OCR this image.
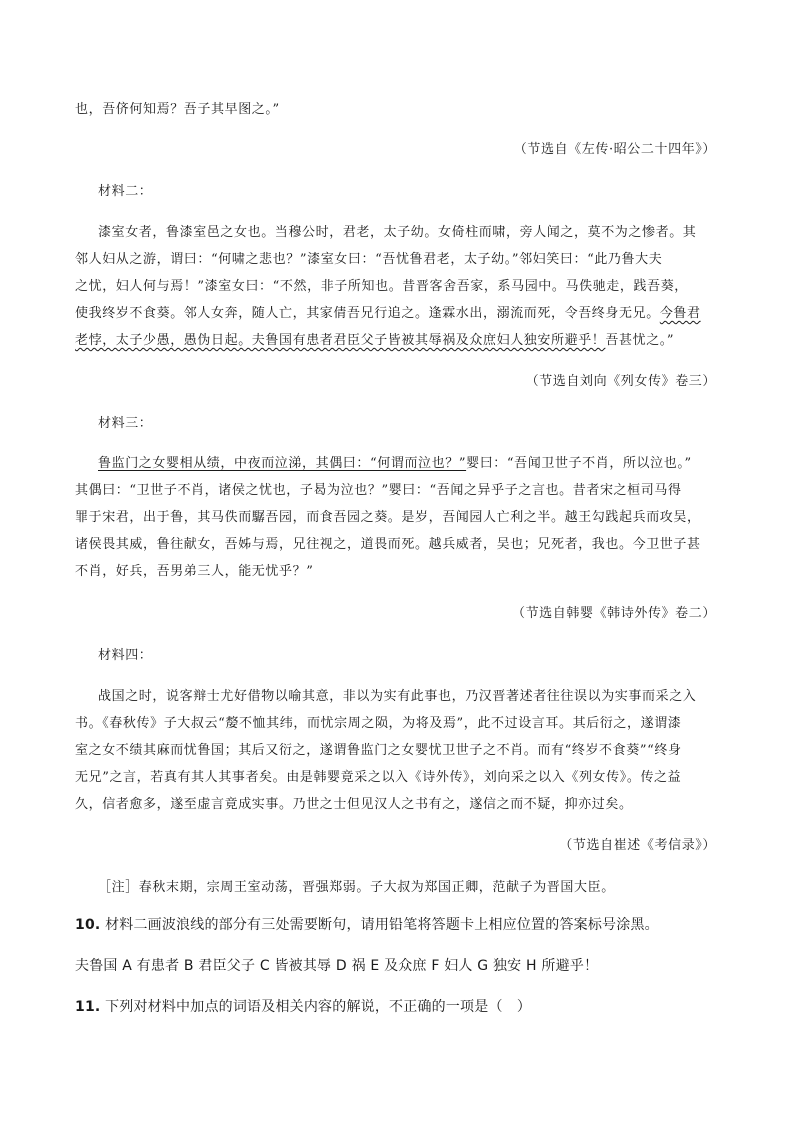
也，吾侪何知焉？吾子其早图之。”
（节选自《左传·昭公二十四年》）
材料二：
漆室女者，鲁漆室邑之女也。当穆公时，君老，太子幼。女倚柱而啸，旁人闻之，莫不为之惨者。其
邻人妇从之游，谓曰：“何啸之悲也？”漆室女曰：“吾忧鲁君老，太子幼。”邻妇笑曰：“此乃鲁大夫
之忧，妇人何与焉！”漆室女曰：“不然，非子所知也。昔晋客舍吾家，系马园中。马佚驰走，践吾葵，
使我终岁不食葵。邻人女奔，随人亡，其家倩吾兄行追之。逢霖水出，溺流而死，令吾终身无兄。今鲁君
老悖，太子少愚，愚伪日起。夫鲁国有患者君臣父子皆被其辱祸及众庶妇人独安所避乎！吾甚忧之。”
（节选自刘向《列女传》卷三）
材料三：
鲁监门之女婴相从绩，中夜而泣涕，其偶曰：“何谓而泣也？”婴曰：“吾闻卫世子不肖，所以泣也。”
其偶曰：“卫世子不肖，诸侯之忧也，子曷为泣也？”婴曰：“吾闻之异乎子之言也。昔者宋之桓司马得
罪于宋君，出于鲁，其马佚而驏吾园，而食吾园之葵。是岁，吾闻园人亡利之半。越王勾践起兵而攻吴，
诸侯畏其威，鲁往献女，吾姊与焉，兄往视之，道畏而死。越兵威者，吴也；兄死者，我也。今卫世子甚
不肖，好兵，吾男弟三人，能无忧乎？”
（节选自韩婴《韩诗外传》卷二）
材料四：
战国之时，说客辩士尤好借物以喻其意，非以为实有此事也，乃汉晋著述者往往误以为实事而采之入
书。《春秋传》子大叔云“嫠不恤其纬，而忧宗周之陨，为将及焉”，此不过设言耳。其后衍之，遂谓漆
室之女不绩其麻而忧鲁国；其后又衍之，遂谓鲁监门之女婴忧卫世子之不肖。而有“终岁不食葵”“终身
无兄”之言，若真有其人其事者矣。由是韩婴竟采之以入《诗外传》，刘向采之以入《列女传》。传之益
久，信者愈多，遂至虚言竟成实事。乃世之士但见汉人之书有之，遂信之而不疑，抑亦过矣。
（节选自崔述《考信录》）
［注］春秋末期，宗周王室动荡，晋强郑弱。子大叔为郑国正卿，范献子为晋国大臣。
10. 材料二画波浪线的部分有三处需要断句，请用铅笔将答题卡上相应位置的答案标号涂黑。
夫鲁国 A 有患者 B 君臣父子 C 皆被其辱 D 祸 E 及众庶 F 妇人 G 独安 H 所避乎！
11. 下列对材料中加点的词语及相关内容的解说，不正确的一项是（　）
